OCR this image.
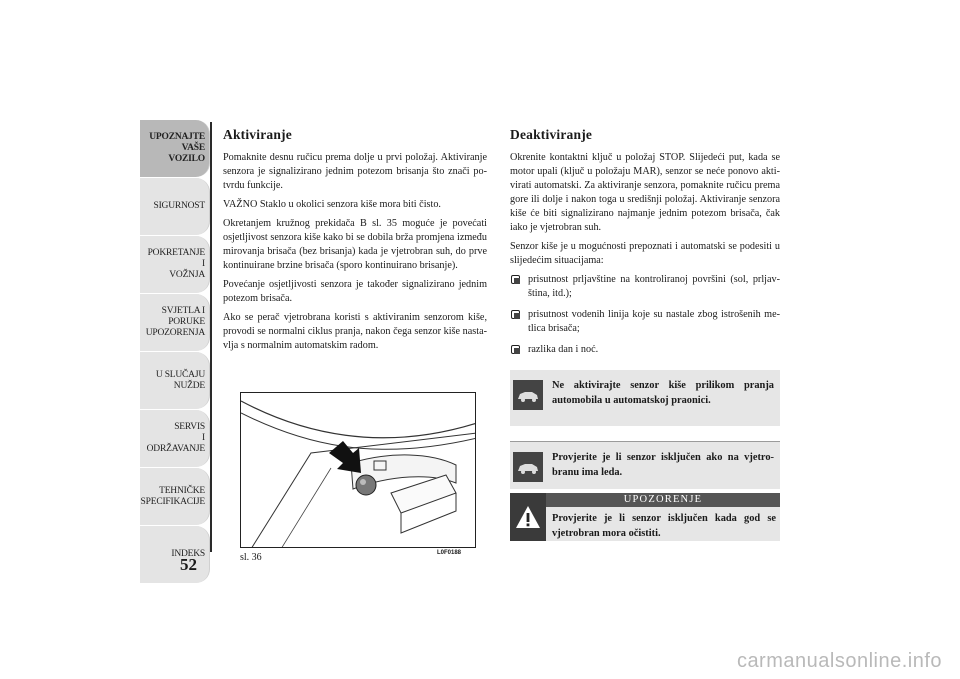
UPOZNAJTE
VAŠE
VOZILO
SIGURNOST
POKRETANJE
I
VOŽNJA
SVJETLA I
PORUKE
UPOZORENJA
U SLUČAJU
NUŽDE
SERVIS
I
ODRŽAVANJE
TEHNIČKE
SPECIFIKACIJE
INDEKS
52
Aktiviranje

Pomaknite desnu ručicu prema dolje u prvi položaj. Aktiviranje senzora je signalizirano jednim potezom brisanja što znači po-tvrdu funkcije.

VAŽNO Staklo u okolici senzora kiše mora biti čisto.

Okretanjem kružnog prekidača B sl. 35 moguće je povećati osjetljivost senzora kiše kako bi se dobila brža promjena između mirovanja brisača (bez brisanja) kada je vjetrobran suh, do prve kontinuirane brzine brisača (sporo kontinuirano brisanje).

Povećanje osjetljivosti senzora je također signalizirano jednim potezom brisača.

Ako se perač vjetrobrana koristi s aktiviranim senzorom kiše, provodi se normalni ciklus pranja, nakon čega senzor kiše nasta-vlja s normalnim automatskim radom.

sl. 36	L0F0188
Deaktiviranje

Okrenite kontaktni ključ u položaj STOP. Slijedeći put, kada se motor upali (ključ u položaju MAR), senzor se neće ponovo akti-virati automatski. Za aktiviranje senzora, pomaknite ručicu prema gore ili dolje i nakon toga u središnji položaj. Aktiviranje senzora kiše će biti signalizirano najmanje jednim potezom brisača, čak iako je vjetrobran suh.

Senzor kiše je u mogućnosti prepoznati i automatski se podesiti u slijedećim situacijama:

prisutnost prljavštine na kontroliranoj površini (sol, prljav-ština, itd.);
prisutnost vodenih linija koje su nastale zbog istrošenih me-tlica brisača;
razlika dan i noć.
Ne aktivirajte senzor kiše prilikom pranja automobila u automatskoj praonici.
Provjerite je li senzor isključen ako na vjetro-branu ima leda.
UPOZORENJE
Provjerite je li senzor isključen kada god se vjetrobran mora očistiti.
carmanualsonline.info
